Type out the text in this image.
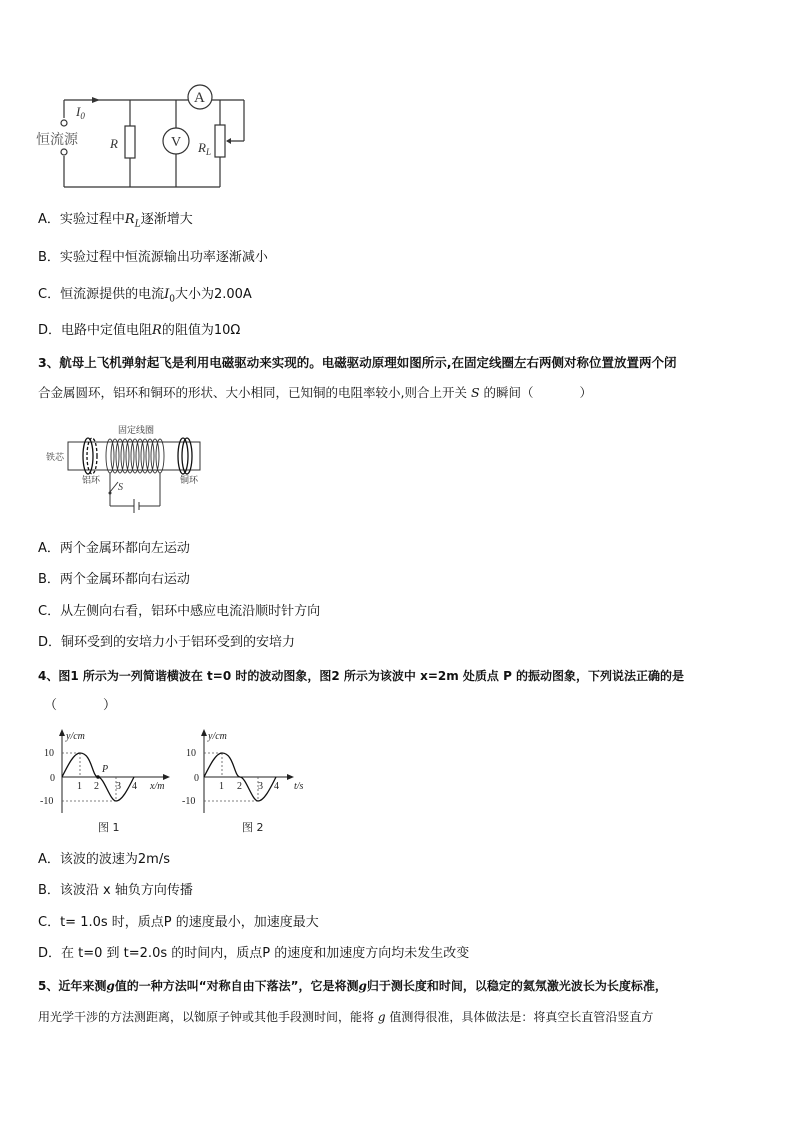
$I_0$
恒流源 R	V
A
$R_L$
A．实验过程中$R_L$逐渐增大
B．实验过程中恒流源输出功率逐渐减小
C．恒流源提供的电流$I_0$大小为2.00A
D．电路中定值电阻R的阻值为10Ω
3、航母上飞机弹射起飞是利用电磁驱动来实现的。电磁驱动原理如图所示,在固定线圈左右两侧对称位置放置两个闭
合金属圆环，铝环和铜环的形状、大小相同，已知铜的电阻率较小,则合上开关 S 的瞬间（	）
固定线圈
铁芯
铝环	铜环
S
A．两个金属环都向左运动
B．两个金属环都向右运动
C．从左侧向右看，铝环中感应电流沿顺时针方向
D．铜环受到的安培力小于铝环受到的安培力
4、图1 所示为一列简谐横波在 t=0 时的波动图象，图2 所示为该波中 x=2m 处质点 P 的振动图象，下列说法正确的是
（	）
y/cm
10
0
-10
1 2 3 4 x/m
P
图 1
y/cm
10
0
-10
1 2 3 4 t/s
图 2
A．该波的波速为2m/s
B．该波沿 x 轴负方向传播
C．t= 1.0s 时，质点P 的速度最小，加速度最大
D．在 t=0 到 t=2.0s 的时间内，质点P 的速度和加速度方向均未发生改变
5、近年来测g值的一种方法叫“对称自由下落法”，它是将测g归于测长度和时间，以稳定的氦氖激光波长为长度标准，
用光学干涉的方法测距离，以铷原子钟或其他手段测时间，能将 g 值测得很准，具体做法是：将真空长直管沿竖直方
